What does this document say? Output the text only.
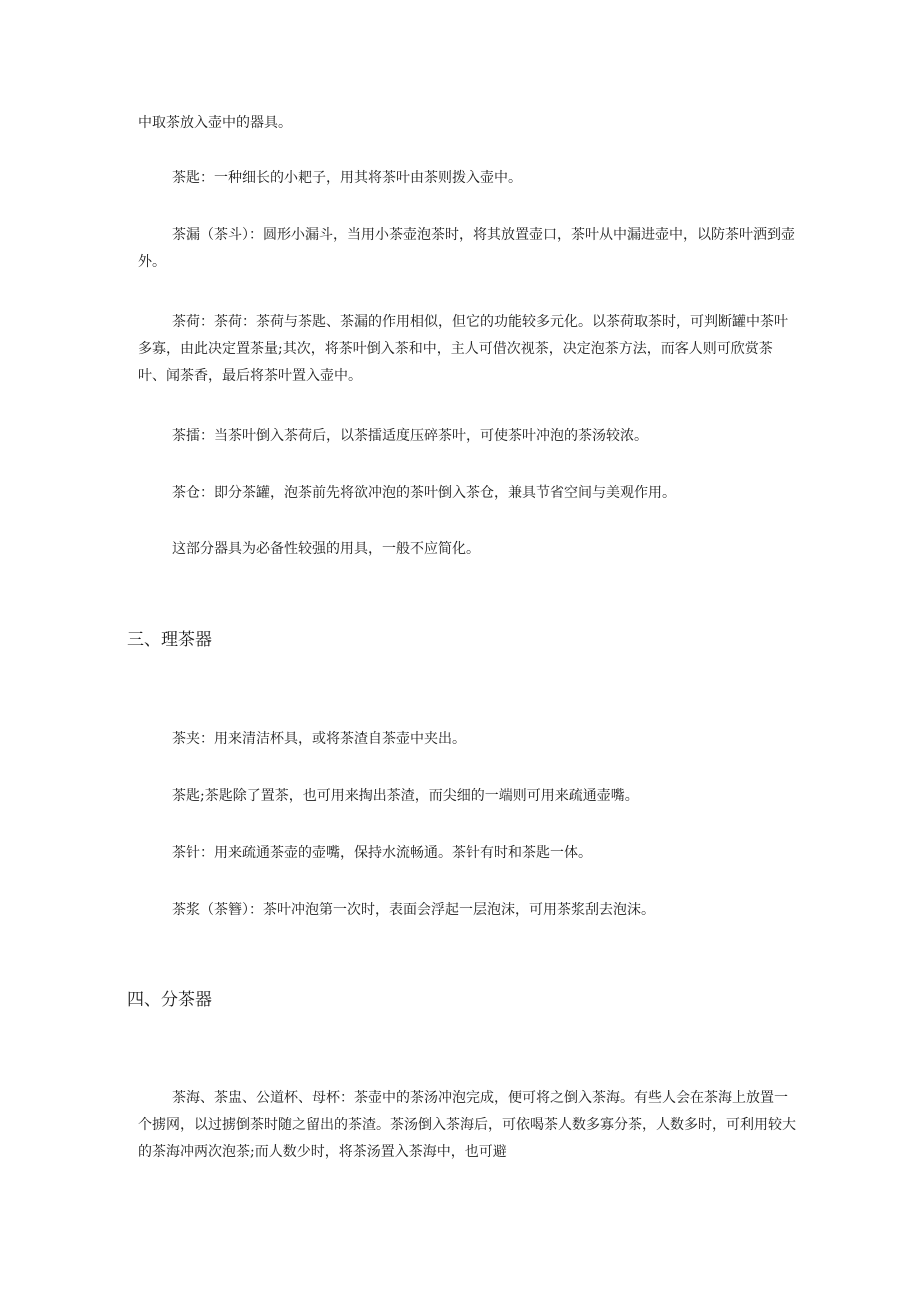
中取茶放入壶中的器具。

茶匙：一种细长的小耙子，用其将茶叶由茶则拨入壶中。

茶漏（茶斗）：圆形小漏斗，当用小茶壶泡茶时，将其放置壶口，茶叶从中漏进壶中，以防茶叶洒到壶外。

茶荷：茶荷：茶荷与茶匙、茶漏的作用相似，但它的功能较多元化。以茶荷取茶时，可判断罐中茶叶多寡，由此决定置茶量;其次，将茶叶倒入茶和中，主人可借次视茶，决定泡茶方法，而客人则可欣赏茶叶、闻茶香，最后将茶叶置入壶中。

茶擂：当茶叶倒入茶荷后，以茶擂适度压碎茶叶，可使茶叶冲泡的茶汤较浓。

茶仓：即分茶罐，泡茶前先将欲冲泡的茶叶倒入茶仓，兼具节省空间与美观作用。

这部分器具为必备性较强的用具，一般不应简化。

三、理茶器

茶夹：用来清洁杯具，或将茶渣自茶壶中夹出。

茶匙;茶匙除了置茶，也可用来掏出茶渣，而尖细的一端则可用来疏通壶嘴。

茶针：用来疏通茶壶的壶嘴，保持水流畅通。茶针有时和茶匙一体。

茶浆（茶簪）：茶叶冲泡第一次时，表面会浮起一层泡沫，可用茶浆刮去泡沫。

四、分茶器

茶海、茶盅、公道杯、母杯：茶壶中的茶汤冲泡完成，便可将之倒入茶海。有些人会在茶海上放置一个掳网，以过掳倒茶时随之留出的茶渣。茶汤倒入茶海后，可依喝茶人数多寡分茶，人数多时，可利用较大的茶海冲两次泡茶;而人数少时，将茶汤置入茶海中，也可避
